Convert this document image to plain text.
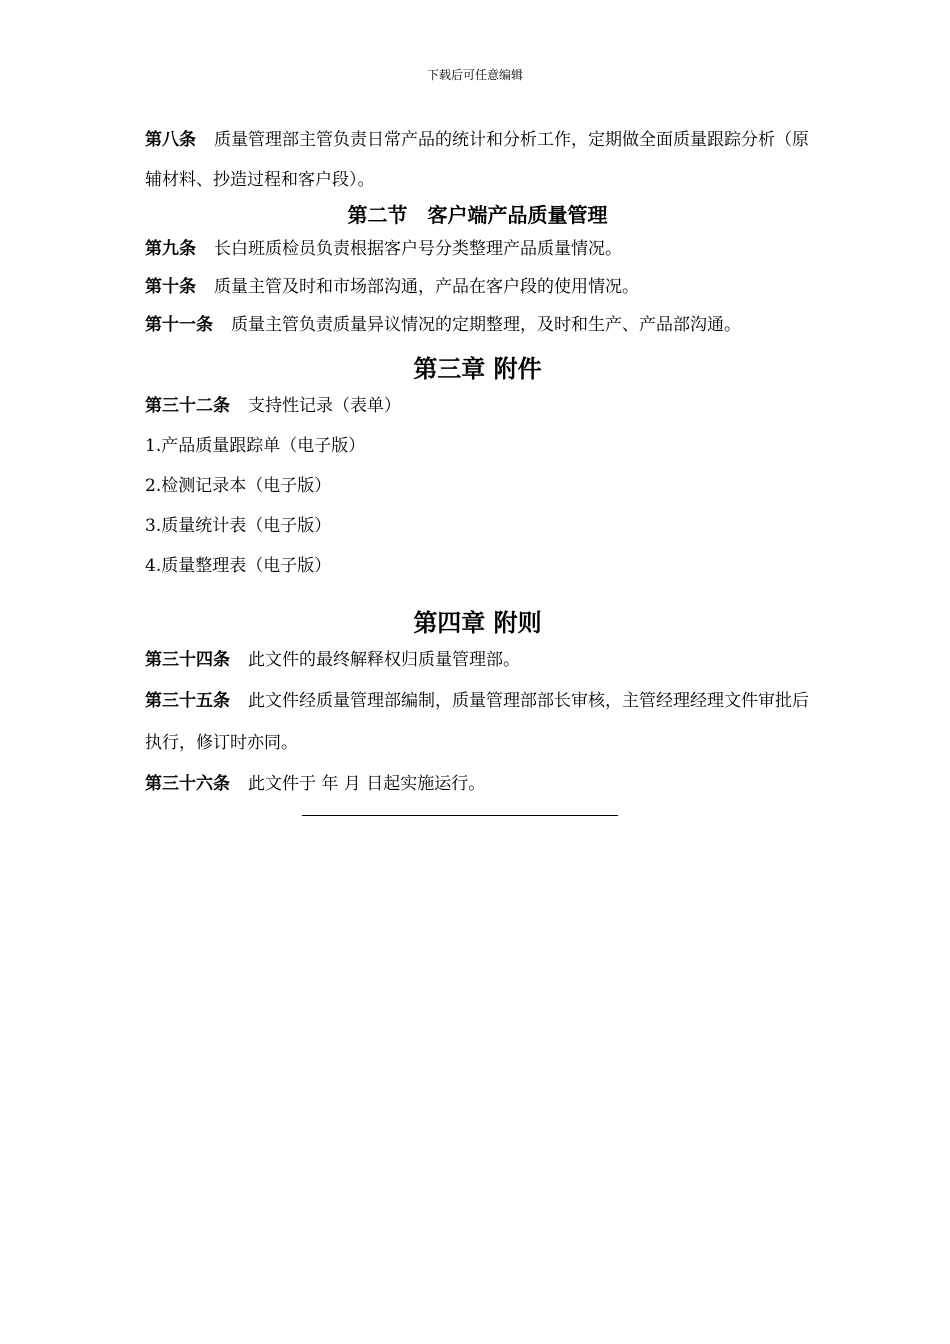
下载后可任意编辑

第八条 质量管理部主管负责日常产品的统计和分析工作，定期做全面质量跟踪分析（原辅材料、抄造过程和客户段）。

第二节　客户端产品质量管理

第九条 长白班质检员负责根据客户号分类整理产品质量情况。

第十条 质量主管及时和市场部沟通，产品在客户段的使用情况。

第十一条 质量主管负责质量异议情况的定期整理，及时和生产、产品部沟通。

第三章 附件

第三十二条 支持性记录（表单）

1.产品质量跟踪单（电子版）

2.检测记录本（电子版）

3.质量统计表（电子版）

4.质量整理表（电子版）

第四章 附则

第三十四条 此文件的最终解释权归质量管理部。

第三十五条 此文件经质量管理部编制，质量管理部部长审核，主管经理经理文件审批后执行，修订时亦同。

第三十六条 此文件于 年 月 日起实施运行。
